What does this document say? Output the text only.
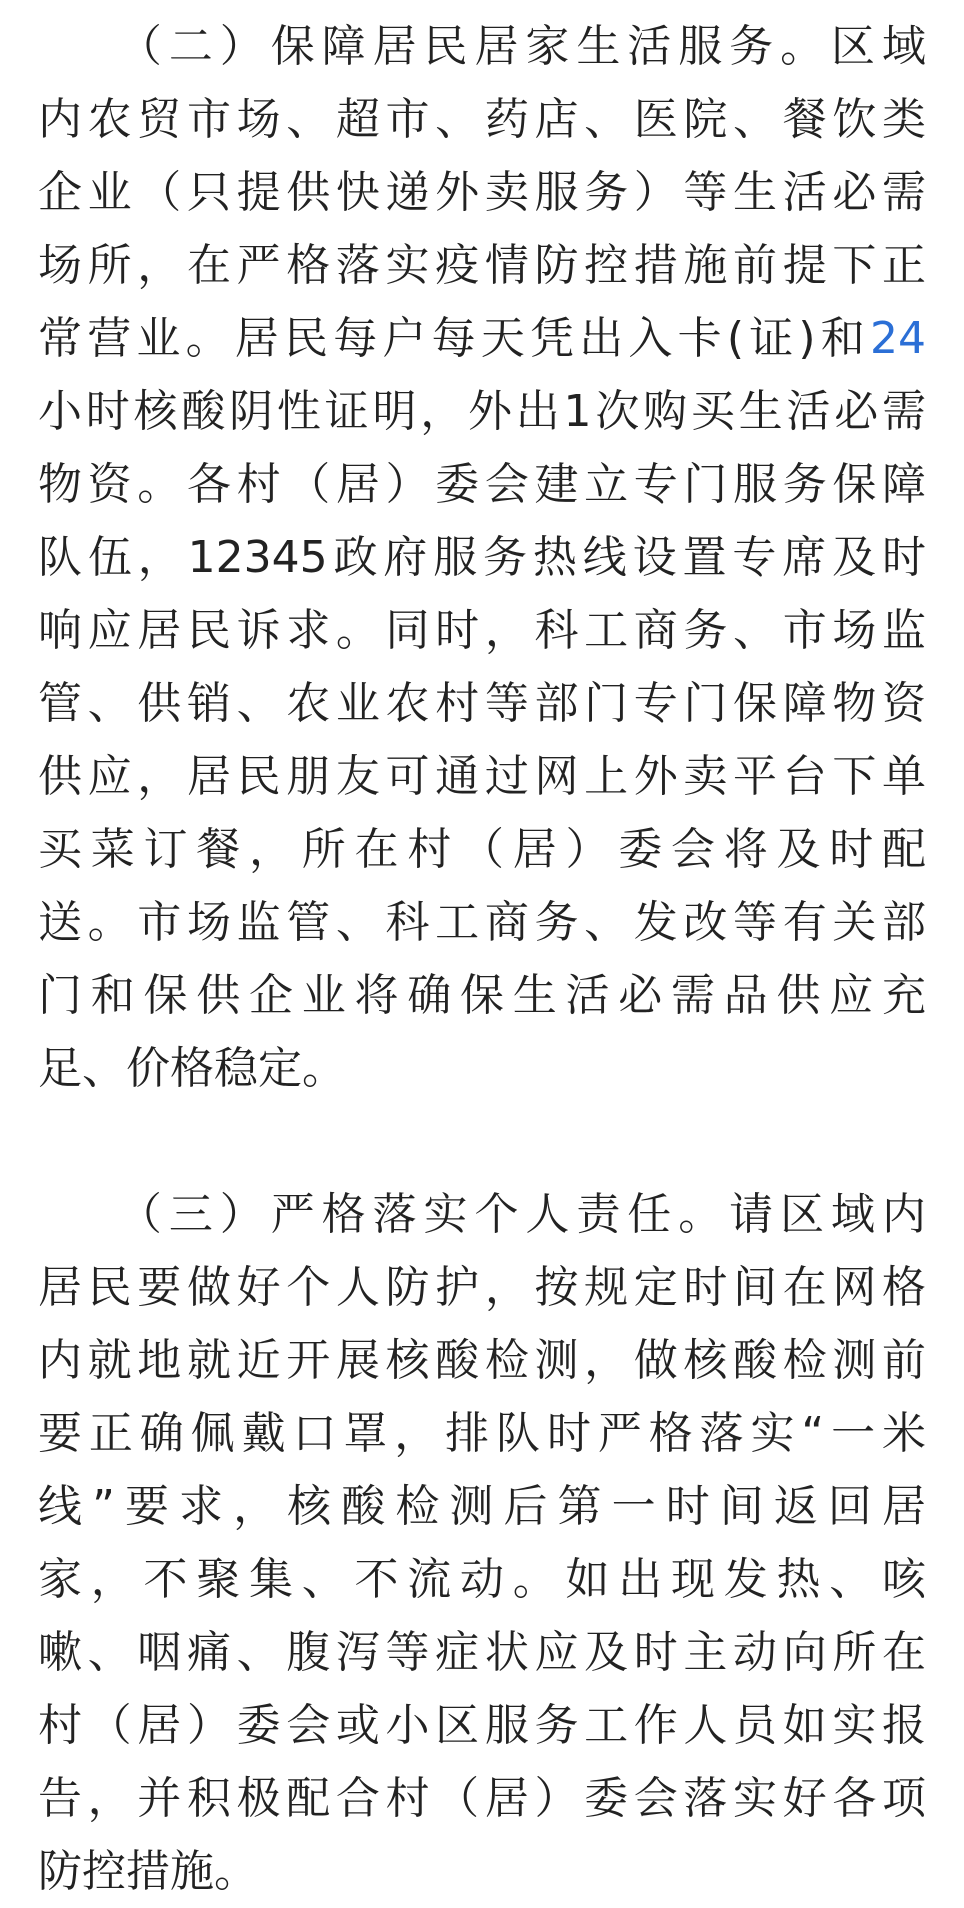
　　（二）保障居民居家生活服务。区域
内农贸市场、超市、药店、医院、餐饮类
企业（只提供快递外卖服务）等生活必需
场所，在严格落实疫情防控措施前提下正
常营业。居民每户每天凭出入卡(证)和24
小时核酸阴性证明，外出1次购买生活必需
物资。各村（居）委会建立专门服务保障
队伍，12345政府服务热线设置专席及时
响应居民诉求。同时，科工商务、市场监
管、供销、农业农村等部门专门保障物资
供应，居民朋友可通过网上外卖平台下单
买菜订餐，所在村（居）委会将及时配
送。市场监管、科工商务、发改等有关部
门和保供企业将确保生活必需品供应充
足、价格稳定。
　　（三）严格落实个人责任。请区域内
居民要做好个人防护，按规定时间在网格
内就地就近开展核酸检测，做核酸检测前
要正确佩戴口罩，排队时严格落实“一米
线”要求，核酸检测后第一时间返回居
家，不聚集、不流动。如出现发热、咳
嗽、咽痛、腹泻等症状应及时主动向所在
村（居）委会或小区服务工作人员如实报
告，并积极配合村（居）委会落实好各项
防控措施。
